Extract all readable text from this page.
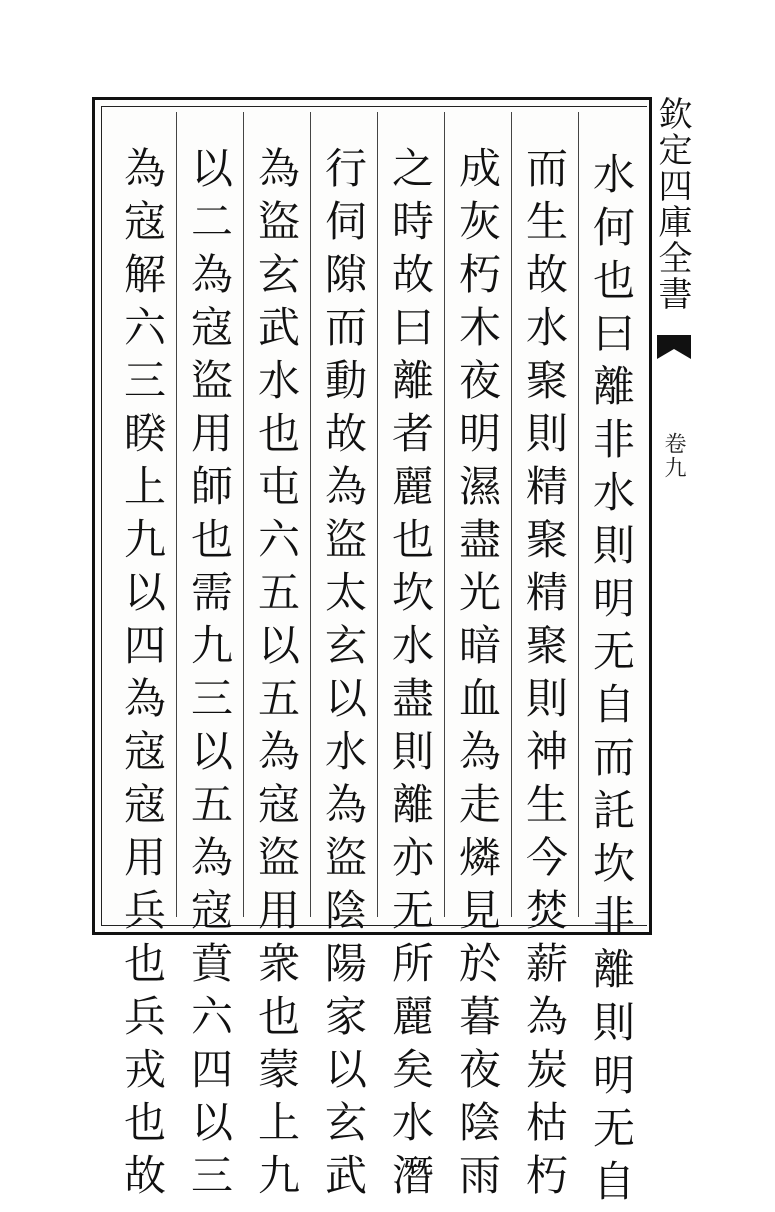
水何也曰離非水則明无自而託坎非離則明无自
而生故水聚則精聚精聚則神生今焚薪為炭枯朽
成灰朽木夜明濕盡光暗血為走燐見於暮夜陰雨
之時故曰離者麗也坎水盡則離亦无所麗矣水潛
行伺隙而動故為盜太玄以水為盜陰陽家以玄武
為盜玄武水也屯六五以五為寇盜用衆也蒙上九
以二為寇盜用師也需九三以五為寇賁六四以三
為寇解六三睽上九以四為寇寇用兵也兵戎也故	欽定四庫全書
卷九
